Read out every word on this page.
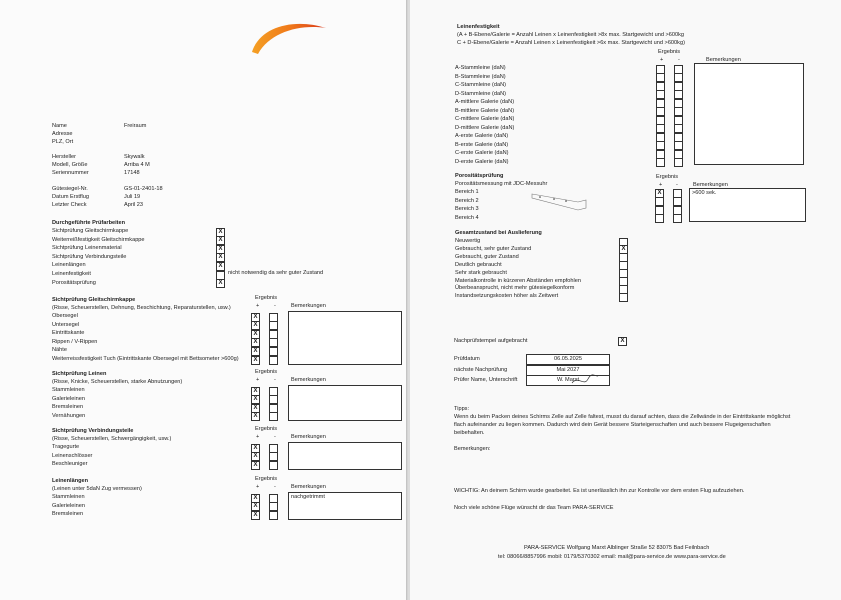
Name	Freiraum
Adresse
PLZ, Ort
Hersteller	Skywalk
Modell, Größe	Arriba 4 M
Seriennummer	17148
Gütesiegel-Nr.	GS-01-2401-18
Datum Erstflug	Juli 19
Letzter Check	April 23
Durchgeführte Prüfarbeiten
Sichtprüfung Gleitschirmkappe	X
Weiterreißfestigkeit Gleitschirmkappe	X
Sichtprüfung Leinenmaterial	X
Sichtprüfung Verbindungsteile	X
Leinenlängen	X
Leinenfestigkeit
Porositätsprüfung	X
nicht notwendig da sehr guter Zustand
Sichtprüfung Gleitschirmkappe	Ergebnis
+	-	Bemerkungen
(Risse, Scheuerstellen, Dehnung, Beschichtung, Reparaturstellen, usw.)
Obersegel	X
Untersegel	X
Eintrittskante	X
Rippen / V-Rippen	X
Nähte	X
Weiterreissfestigkeit Tuch (Eintrittskante Obersegel mit Bettsometer >600g)	X
Sichtprüfung Leinen	Ergebnis
+	-	Bemerkungen
(Risse, Knicke, Scheuerstellen, starke Abnutzungen)
Stammleinen	X
Galerieleinen	X
Bremsleinen	X
Vernähungen	X
Sichtprüfung Verbindungsteile	Ergebnis
+	-	Bemerkungen
(Risse, Scheuerstellen, Schwergängigkeit, usw.)
Tragegurte	X
Leinenschlösser	X
Beschleuniger	X
Leinenlängen	Ergebnis
+	-	Bemerkungen
(Leinen unter 5daN Zug vermessen)
Stammleinen	X
Galerieleinen	X
Bremsleinen	X
nachgetrimmt
Leinenfestigkeit
(A + B-Ebene/Galerie = Anzahl Leinen x Leinenfestigkeit >8x max. Startgewicht und >600kg
C + D-Ebene/Galerie = Anzahl Leinen x Leinenfestigkeit >6x max. Startgewicht und >600kg)
Ergebnis
+	-	Bemerkungen
A-Stammleine (daN)
B-Stammleine (daN)
C-Stammleine (daN)
D-Stammleine (daN)
A-mittlere Galerie (daN)
B-mittlere Galerie (daN)
C-mittlere Galerie (daN)
D-mittlere Galerie (daN)
A-erste Galerie (daN)
B-erste Galerie (daN)
C-erste Galerie (daN)
D-erste Galerie (daN)
Porositätsprüfung
Porositätsmessung mit JDC-Messuhr
Ergebnis
+ -	Bemerkungen
Bereich 1	X
Bereich 2
Bereich 3
Bereich 4
>600 sek.
Gesamtzustand bei Auslieferung
Neuwertig
Gebraucht, sehr guter Zustand	X
Gebraucht, guter Zustand
Deutlich gebraucht
Sehr stark gebraucht
Materialkontrolle in kürzeren Abständen empfohlen
Überbeansprucht, nicht mehr gütesiegelkonform
Instandsetzungskosten höher als Zeitwert
Nachprüfstempel aufgebracht	X
Prüfdatum	06.05.2025
nächste Nachprüfung	Mai 2027
Prüfer Name, Unterschrift	W. Marxt
Tipps:
Wenn du beim Packen deines Schirms Zelle auf Zelle faltest, musst du darauf achten, dass die Zellwände in der Eintrittskante möglichst
flach aufeinander zu liegen kommen. Dadurch wird dein Gerät bessere Starteigenschaften und auch bessere Flugeigenschaften
beibehalten.
Bemerkungen:
WICHTIG: An deinem Schirm wurde gearbeitet. Es ist unerlässlich ihn zur Kontrolle vor dem ersten Flug aufzuziehen.
Noch viele schöne Flüge wünscht dir das Team PARA-SERVICE
PARA-SERVICE Wolfgang Marxt Alblinger Straße 52 83075 Bad Feilnbach
tel: 08066/8857996 mobil: 0179/5370302 email: mail@para-service.de www.para-service.de
